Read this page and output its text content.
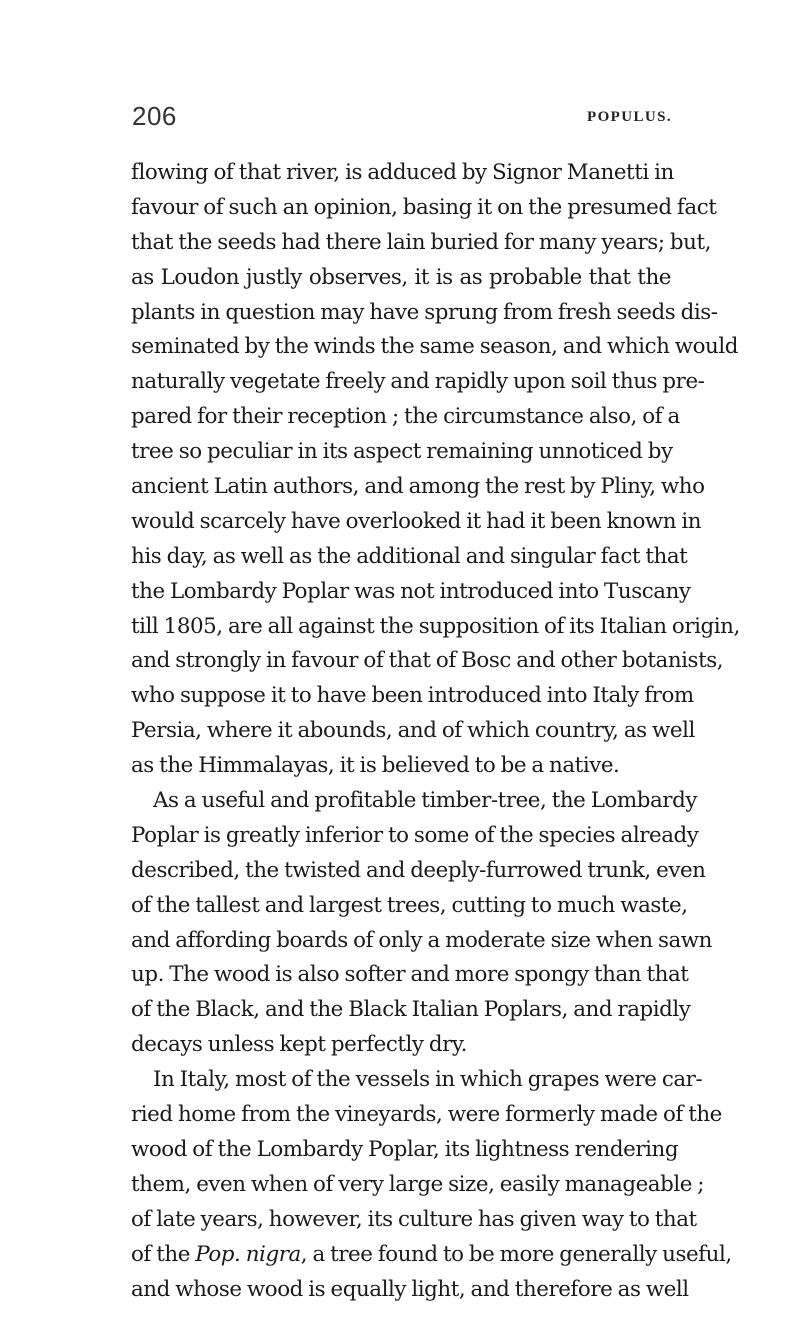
206	POPULUS.
flowing of that river, is adduced by Signor Manetti in
favour of such an opinion, basing it on the presumed fact
that the seeds had there lain buried for many years; but,
as Loudon justly observes, it is as probable that the
plants in question may have sprung from fresh seeds dis-
seminated by the winds the same season, and which would
naturally vegetate freely and rapidly upon soil thus pre-
pared for their reception ; the circumstance also, of a
tree so peculiar in its aspect remaining unnoticed by
ancient Latin authors, and among the rest by Pliny, who
would scarcely have overlooked it had it been known in
his day, as well as the additional and singular fact that
the Lombardy Poplar was not introduced into Tuscany
till 1805, are all against the supposition of its Italian origin,
and strongly in favour of that of Bosc and other botanists,
who suppose it to have been introduced into Italy from
Persia, where it abounds, and of which country, as well
as the Himmalayas, it is believed to be a native.
As a useful and profitable timber-tree, the Lombardy
Poplar is greatly inferior to some of the species already
described, the twisted and deeply-furrowed trunk, even
of the tallest and largest trees, cutting to much waste,
and affording boards of only a moderate size when sawn
up. The wood is also softer and more spongy than that
of the Black, and the Black Italian Poplars, and rapidly
decays unless kept perfectly dry.
In Italy, most of the vessels in which grapes were car-
ried home from the vineyards, were formerly made of the
wood of the Lombardy Poplar, its lightness rendering
them, even when of very large size, easily manageable ;
of late years, however, its culture has given way to that
of the Pop. nigra, a tree found to be more generally useful,
and whose wood is equally light, and therefore as well
